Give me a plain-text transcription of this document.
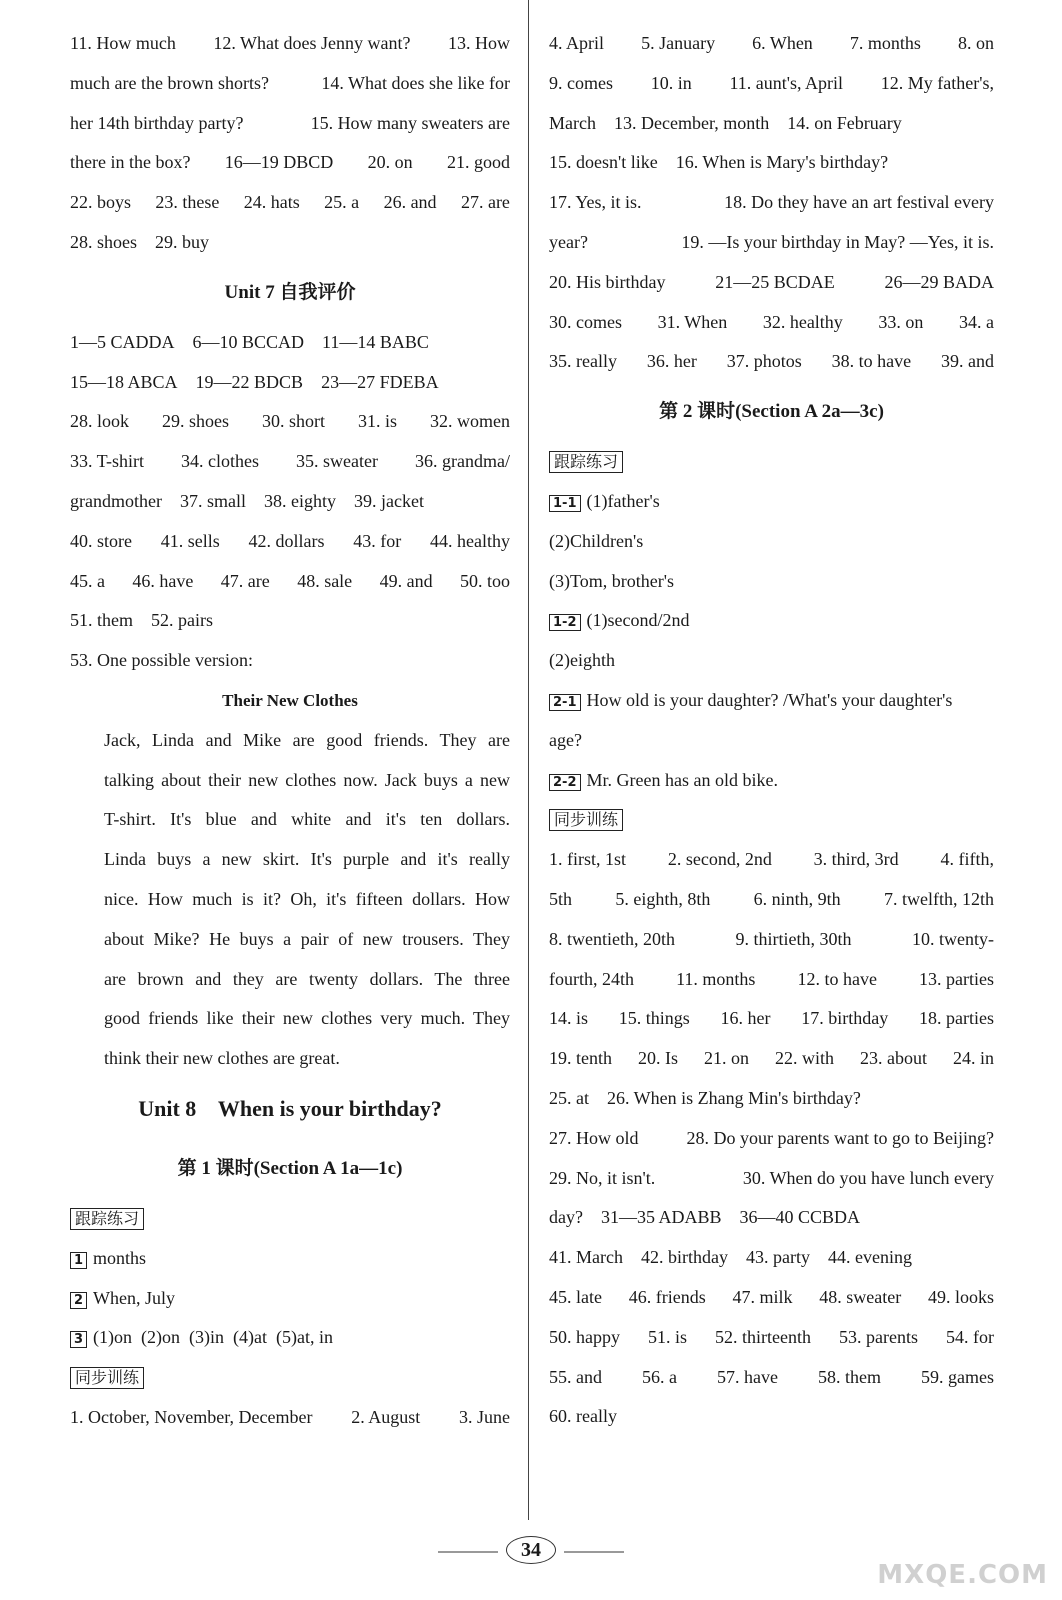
11. How much 12. What does Jenny want? 13. How
much are the brown shorts?	14. What does she like for
her 14th birthday party?	15. How many sweaters are
there in the box? 16—19 DBCD 20. on 21. good
22. boys 23. these 24. hats 25. a 26. and 27. are
28. shoes 29. buy
Unit 7 自我评价
1—5 CADDA 6—10 BCCAD 11—14 BABC
15—18 ABCA 19—22 BDCB 23—27 FDEBA
28. look 29. shoes 30. short 31. is 32. women
33. T-shirt 34. clothes 35. sweater 36. grandma/
grandmother 37. small 38. eighty 39. jacket
40. store 41. sells 42. dollars 43. for 44. healthy
45. a 46. have 47. are 48. sale 49. and 50. too
51. them 52. pairs
53. One possible version:
Their New Clothes
Jack, Linda and Mike are good friends. They are
talking about their new clothes now. Jack buys a new
T-shirt. It's blue and white and it's ten dollars.
Linda buys a new skirt. It's purple and it's really
nice. How much is it? Oh, it's fifteen dollars. How
about Mike? He buys a pair of new trousers. They
are brown and they are twenty dollars. The three
good friends like their new clothes very much. They
think their new clothes are great.
Unit 8    When is your birthday?
第 1 课时(Section A 1a—1c)
跟踪练习
1 months
2 When, July
3 (1)on  (2)on  (3)in  (4)at  (5)at, in
同步训练
1. October, November, December 2. August 3. June
4. April 5. January 6. When 7. months 8. on
9. comes 10. in 11. aunt's, April 12. My father's,
March 13. December, month 14. on February
15. doesn't like 16. When is Mary's birthday?
17. Yes, it is.	18. Do they have an art festival every
year?	19. —Is your birthday in May? —Yes, it is.
20. His birthday	21—25 BCDAE	26—29 BADA
30. comes 31. When 32. healthy 33. on 34. a
35. really 36. her 37. photos 38. to have 39. and
第 2 课时(Section A 2a—3c)
跟踪练习
1-1 (1)father's
(2)Children's
(3)Tom, brother's
1-2 (1)second/2nd
(2)eighth
2-1 How old is your daughter? /What's your daughter's
age?
2-2 Mr. Green has an old bike.
同步训练
1. first, 1st 2. second, 2nd 3. third, 3rd 4. fifth,
5th 5. eighth, 8th 6. ninth, 9th 7. twelfth, 12th
8. twentieth, 20th	9. thirtieth, 30th	10. twenty-
fourth, 24th 11. months 12. to have 13. parties
14. is 15. things 16. her 17. birthday 18. parties
19. tenth 20. Is 21. on 22. with 23. about 24. in
25. at 26. When is Zhang Min's birthday?
27. How old	28. Do your parents want to go to Beijing?
29. No, it isn't.	30. When do you have lunch every
day? 31—35 ADABB 36—40 CCBDA
41. March 42. birthday 43. party 44. evening
45. late 46. friends 47. milk 48. sweater 49. looks
50. happy 51. is 52. thirteenth 53. parents 54. for
55. and 56. a 57. have 58. them 59. games
60. really
34
MXQE.COM
